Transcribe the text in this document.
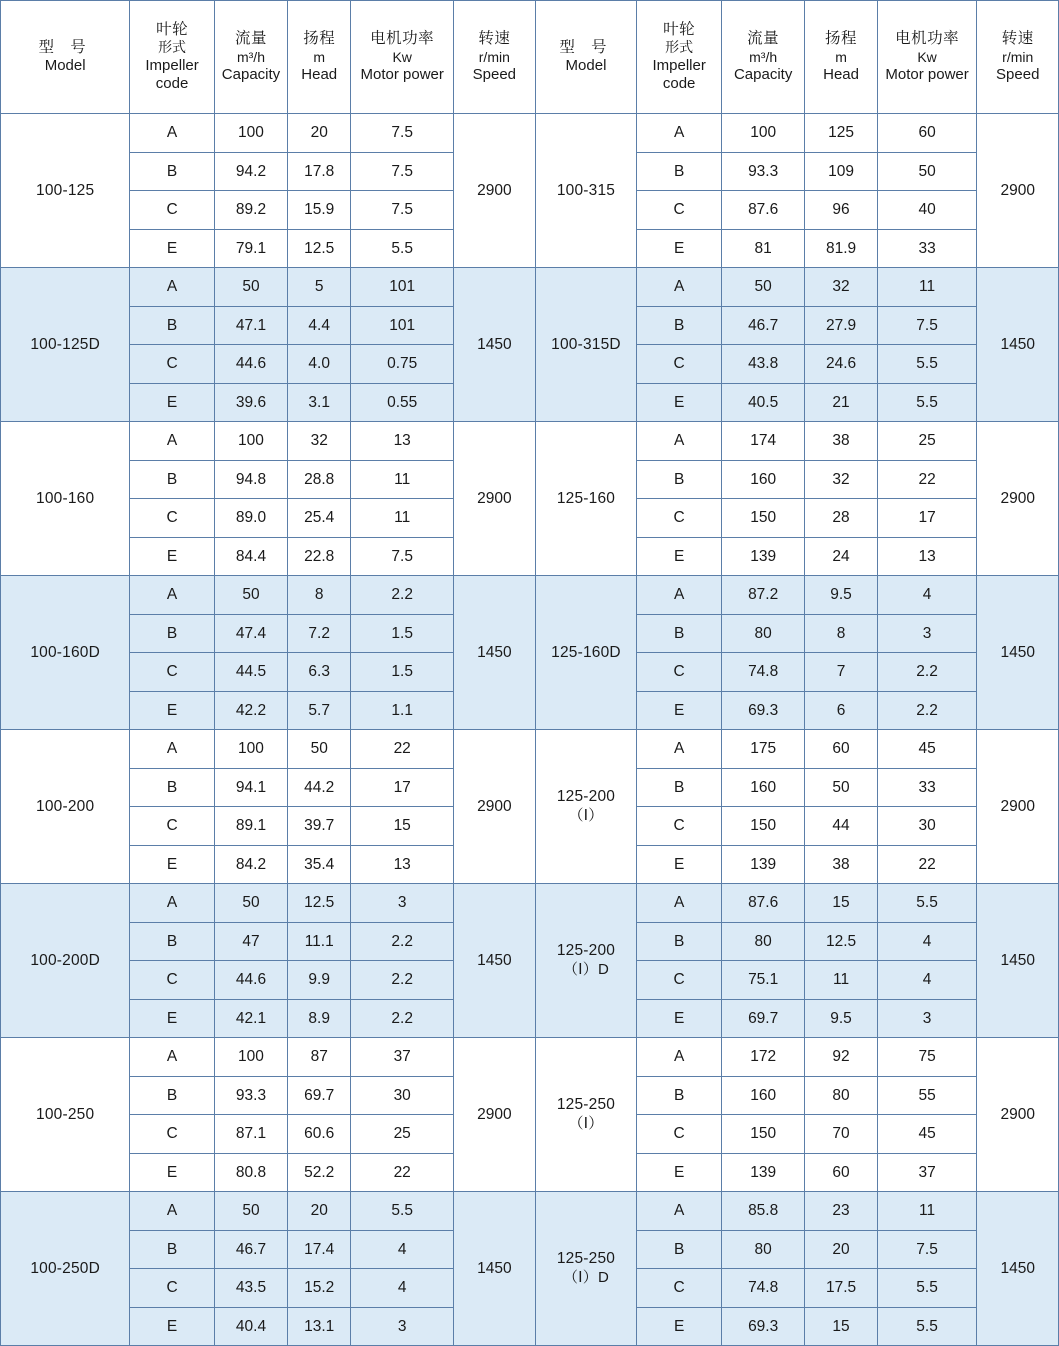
型 号
Model	叶轮
形式
Impeller code	流量
m³/h
Capacity	扬程
m
Head	电机功率
Kw
Motor power	转速
r/min
Speed	型 号
Model	叶轮
形式
Impeller code	流量
m³/h
Capacity	扬程
m
Head	电机功率
Kw
Motor power	转速
r/min
Speed

100-125	A	100	20	7.5	2900	100-315	A	100	125	60	2900
	B	94.2	17.8	7.5			B	93.3	109	50	
	C	89.2	15.9	7.5			C	87.6	96	40	
	E	79.1	12.5	5.5			E	81	81.9	33	
100-125D	A	50	5	101	1450	100-315D	A	50	32	11	1450
	B	47.1	4.4	101			B	46.7	27.9	7.5	
	C	44.6	4.0	0.75			C	43.8	24.6	5.5	
	E	39.6	3.1	0.55			E	40.5	21	5.5	
100-160	A	100	32	13	2900	125-160	A	174	38	25	2900
	B	94.8	28.8	11			B	160	32	22	
	C	89.0	25.4	11			C	150	28	17	
	E	84.4	22.8	7.5			E	139	24	13	
100-160D	A	50	8	2.2	1450	125-160D	A	87.2	9.5	4	1450
	B	47.4	7.2	1.5			B	80	8	3	
	C	44.5	6.3	1.5			C	74.8	7	2.2	
	E	42.2	5.7	1.1			E	69.3	6	2.2	
100-200	A	100	50	22	2900	125-200
（Ⅰ）	A	175	60	45	2900
	B	94.1	44.2	17			B	160	50	33	
	C	89.1	39.7	15			C	150	44	30	
	E	84.2	35.4	13			E	139	38	22	
100-200D	A	50	12.5	3	1450	125-200
（Ⅰ）D	A	87.6	15	5.5	1450
	B	47	11.1	2.2			B	80	12.5	4	
	C	44.6	9.9	2.2			C	75.1	11	4	
	E	42.1	8.9	2.2			E	69.7	9.5	3	
100-250	A	100	87	37	2900	125-250
（Ⅰ）	A	172	92	75	2900
	B	93.3	69.7	30			B	160	80	55	
	C	87.1	60.6	25			C	150	70	45	
	E	80.8	52.2	22			E	139	60	37	
100-250D	A	50	20	5.5	1450	125-250
（Ⅰ）D	A	85.8	23	11	1450
	B	46.7	17.4	4			B	80	20	7.5	
	C	43.5	15.2	4			C	74.8	17.5	5.5	
	E	40.4	13.1	3			E	69.3	15	5.5	
